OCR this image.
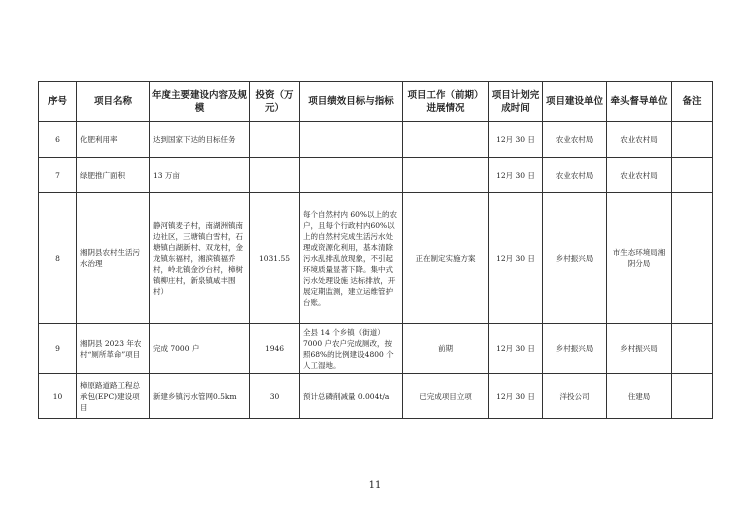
序号	项目名称	年度主要建设内容及规模	投资（万元）	项目绩效目标与指标	项目工作（前期）进展情况	项目计划完成时间	项目建设单位	牵头督导单位	备注
6	化肥利用率	达到国家下达的目标任务				12月 30 日	农业农村局	农业农村局	
7	绿肥推广面积	13 万亩				12月 30 日	农业农村局	农业农村局	
8	湘阴县农村生活污水治理	静河镇麦子村，南湖洲镇南边社区，三塘镇白雪村，石塘镇白湖新村、双龙村，金龙镇东福村，湘滨镇福乔村，岭北镇金沙台村，樟树镇柳庄村，新泉镇咸丰围村）	1031.55	每个自然村内 60%以上的农户，且每个行政村内60%以上的自然村完成生活污水处理或资源化利用，基本清除污水乱排乱放现象，不引起环境质量显著下降。集中式污水处理设施 达标排放，开展定期监测，建立运维管护台账。	正在制定实施方案	12月 30 日	乡村振兴局	市生态环境局湘阴分局	
9	湘阴县 2023 年农村“厕所革命”项目	完成 7000 户	1946	全县 14 个乡镇（街道）7000 户农户完成厕改，按照68%的比例建设4800 个人工湿地。	前期	12月 30 日	乡村振兴局	乡村振兴局	
10	樟原路道路工程总承包(EPC)建设项目	新建乡镇污水管网0.5km	30	预计总磷削减量 0.004t/a	已完成项目立项	12月 30 日	洋投公司	住建局	
11
